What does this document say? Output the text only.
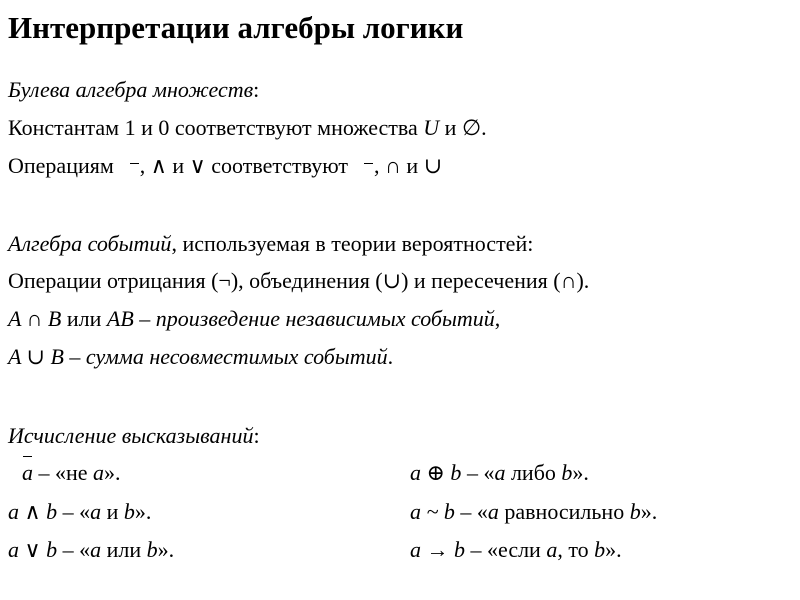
Интерпретации алгебры логики
Булева алгебра множеств:
Константам 1 и 0 соответствуют множества U и ∅.
Операциям , ∧ и ∨ соответствуют , ∩ и ∪
Алгебра событий, используемая в теории вероятностей:
Операции отрицания (¬), объединения (∪) и пересечения (∩).
A ∩ B или AB – произведение независимых событий,
A ∪ B – сумма несовместимых событий.
Исчисление высказываний:
a – «не a».	a ⊕ b – «a либо b».
a ∧ b – «a и b».	a ~ b – «a равносильно b».
a ∨ b – «a или b».	a → b – «если a, то b».
